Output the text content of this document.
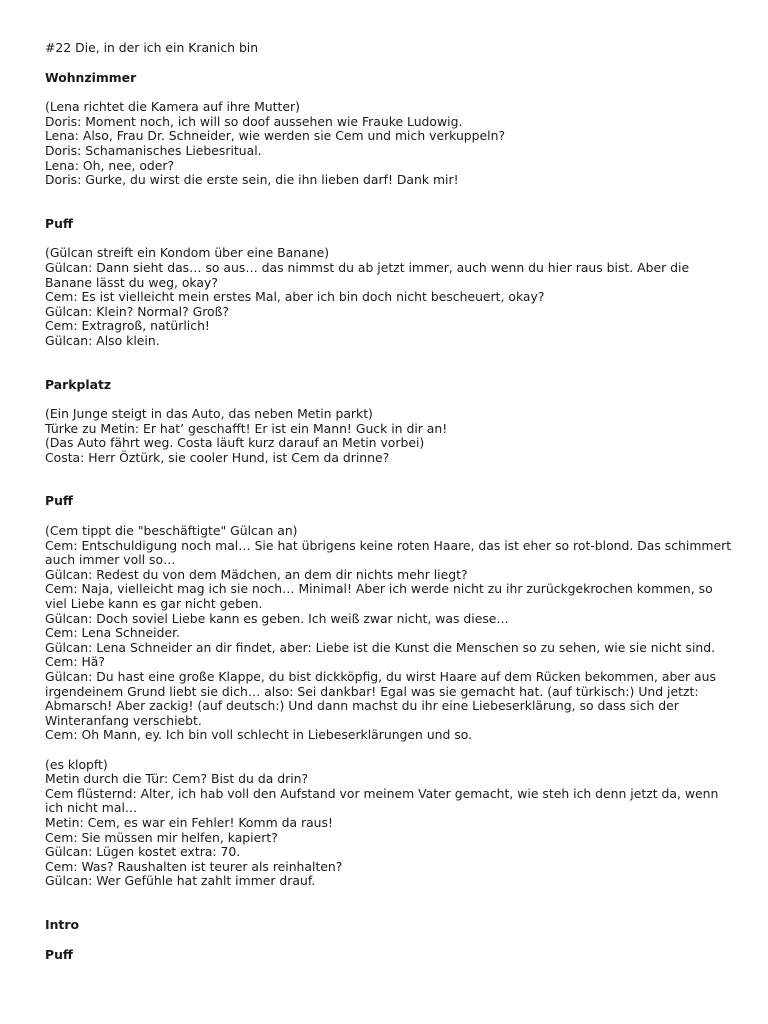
#22 Die, in der ich ein Kranich bin
Wohnzimmer
(Lena richtet die Kamera auf ihre Mutter)
Doris: Moment noch, ich will so doof aussehen wie Frauke Ludowig.
Lena: Also, Frau Dr. Schneider, wie werden sie Cem und mich verkuppeln?
Doris: Schamanisches Liebesritual.
Lena: Oh, nee, oder?
Doris: Gurke, du wirst die erste sein, die ihn lieben darf! Dank mir!
Puff
(Gülcan streift ein Kondom über eine Banane)
Gülcan: Dann sieht das… so aus… das nimmst du ab jetzt immer, auch wenn du hier raus bist. Aber die Banane lässt du weg, okay?
Cem: Es ist vielleicht mein erstes Mal, aber ich bin doch nicht bescheuert, okay?
Gülcan: Klein? Normal? Groß?
Cem: Extragroß, natürlich!
Gülcan: Also klein.
Parkplatz
(Ein Junge steigt in das Auto, das neben Metin parkt)
Türke zu Metin: Er hat’ geschafft! Er ist ein Mann! Guck in dir an!
(Das Auto fährt weg. Costa läuft kurz darauf an Metin vorbei)
Costa: Herr Öztürk, sie cooler Hund, ist Cem da drinne?
Puff
(Cem tippt die "beschäftigte" Gülcan an)
Cem: Entschuldigung noch mal… Sie hat übrigens keine roten Haare, das ist eher so rot-blond. Das schimmert auch immer voll so…
Gülcan: Redest du von dem Mädchen, an dem dir nichts mehr liegt?
Cem: Naja, vielleicht mag ich sie noch… Minimal! Aber ich werde nicht zu ihr zurückgekrochen kommen, so viel Liebe kann es gar nicht geben.
Gülcan: Doch soviel Liebe kann es geben. Ich weiß zwar nicht, was diese…
Cem: Lena Schneider.
Gülcan: Lena Schneider an dir findet, aber: Liebe ist die Kunst die Menschen so zu sehen, wie sie nicht sind.
Cem: Hä?
Gülcan: Du hast eine große Klappe, du bist dickköpfig, du wirst Haare auf dem Rücken bekommen, aber aus irgendeinem Grund liebt sie dich… also: Sei dankbar! Egal was sie gemacht hat. (auf türkisch:) Und jetzt: Abmarsch! Aber zackig! (auf deutsch:) Und dann machst du ihr eine Liebeserklärung, so dass sich der Winteranfang verschiebt.
Cem: Oh Mann, ey. Ich bin voll schlecht in Liebeserklärungen und so.
(es klopft)
Metin durch die Tür: Cem? Bist du da drin?
Cem flüsternd: Alter, ich hab voll den Aufstand vor meinem Vater gemacht, wie steh ich denn jetzt da, wenn ich nicht mal…
Metin: Cem, es war ein Fehler! Komm da raus!
Cem: Sie müssen mir helfen, kapiert?
Gülcan: Lügen kostet extra: 70.
Cem: Was? Raushalten ist teurer als reinhalten?
Gülcan: Wer Gefühle hat zahlt immer drauf.
Intro
Puff
